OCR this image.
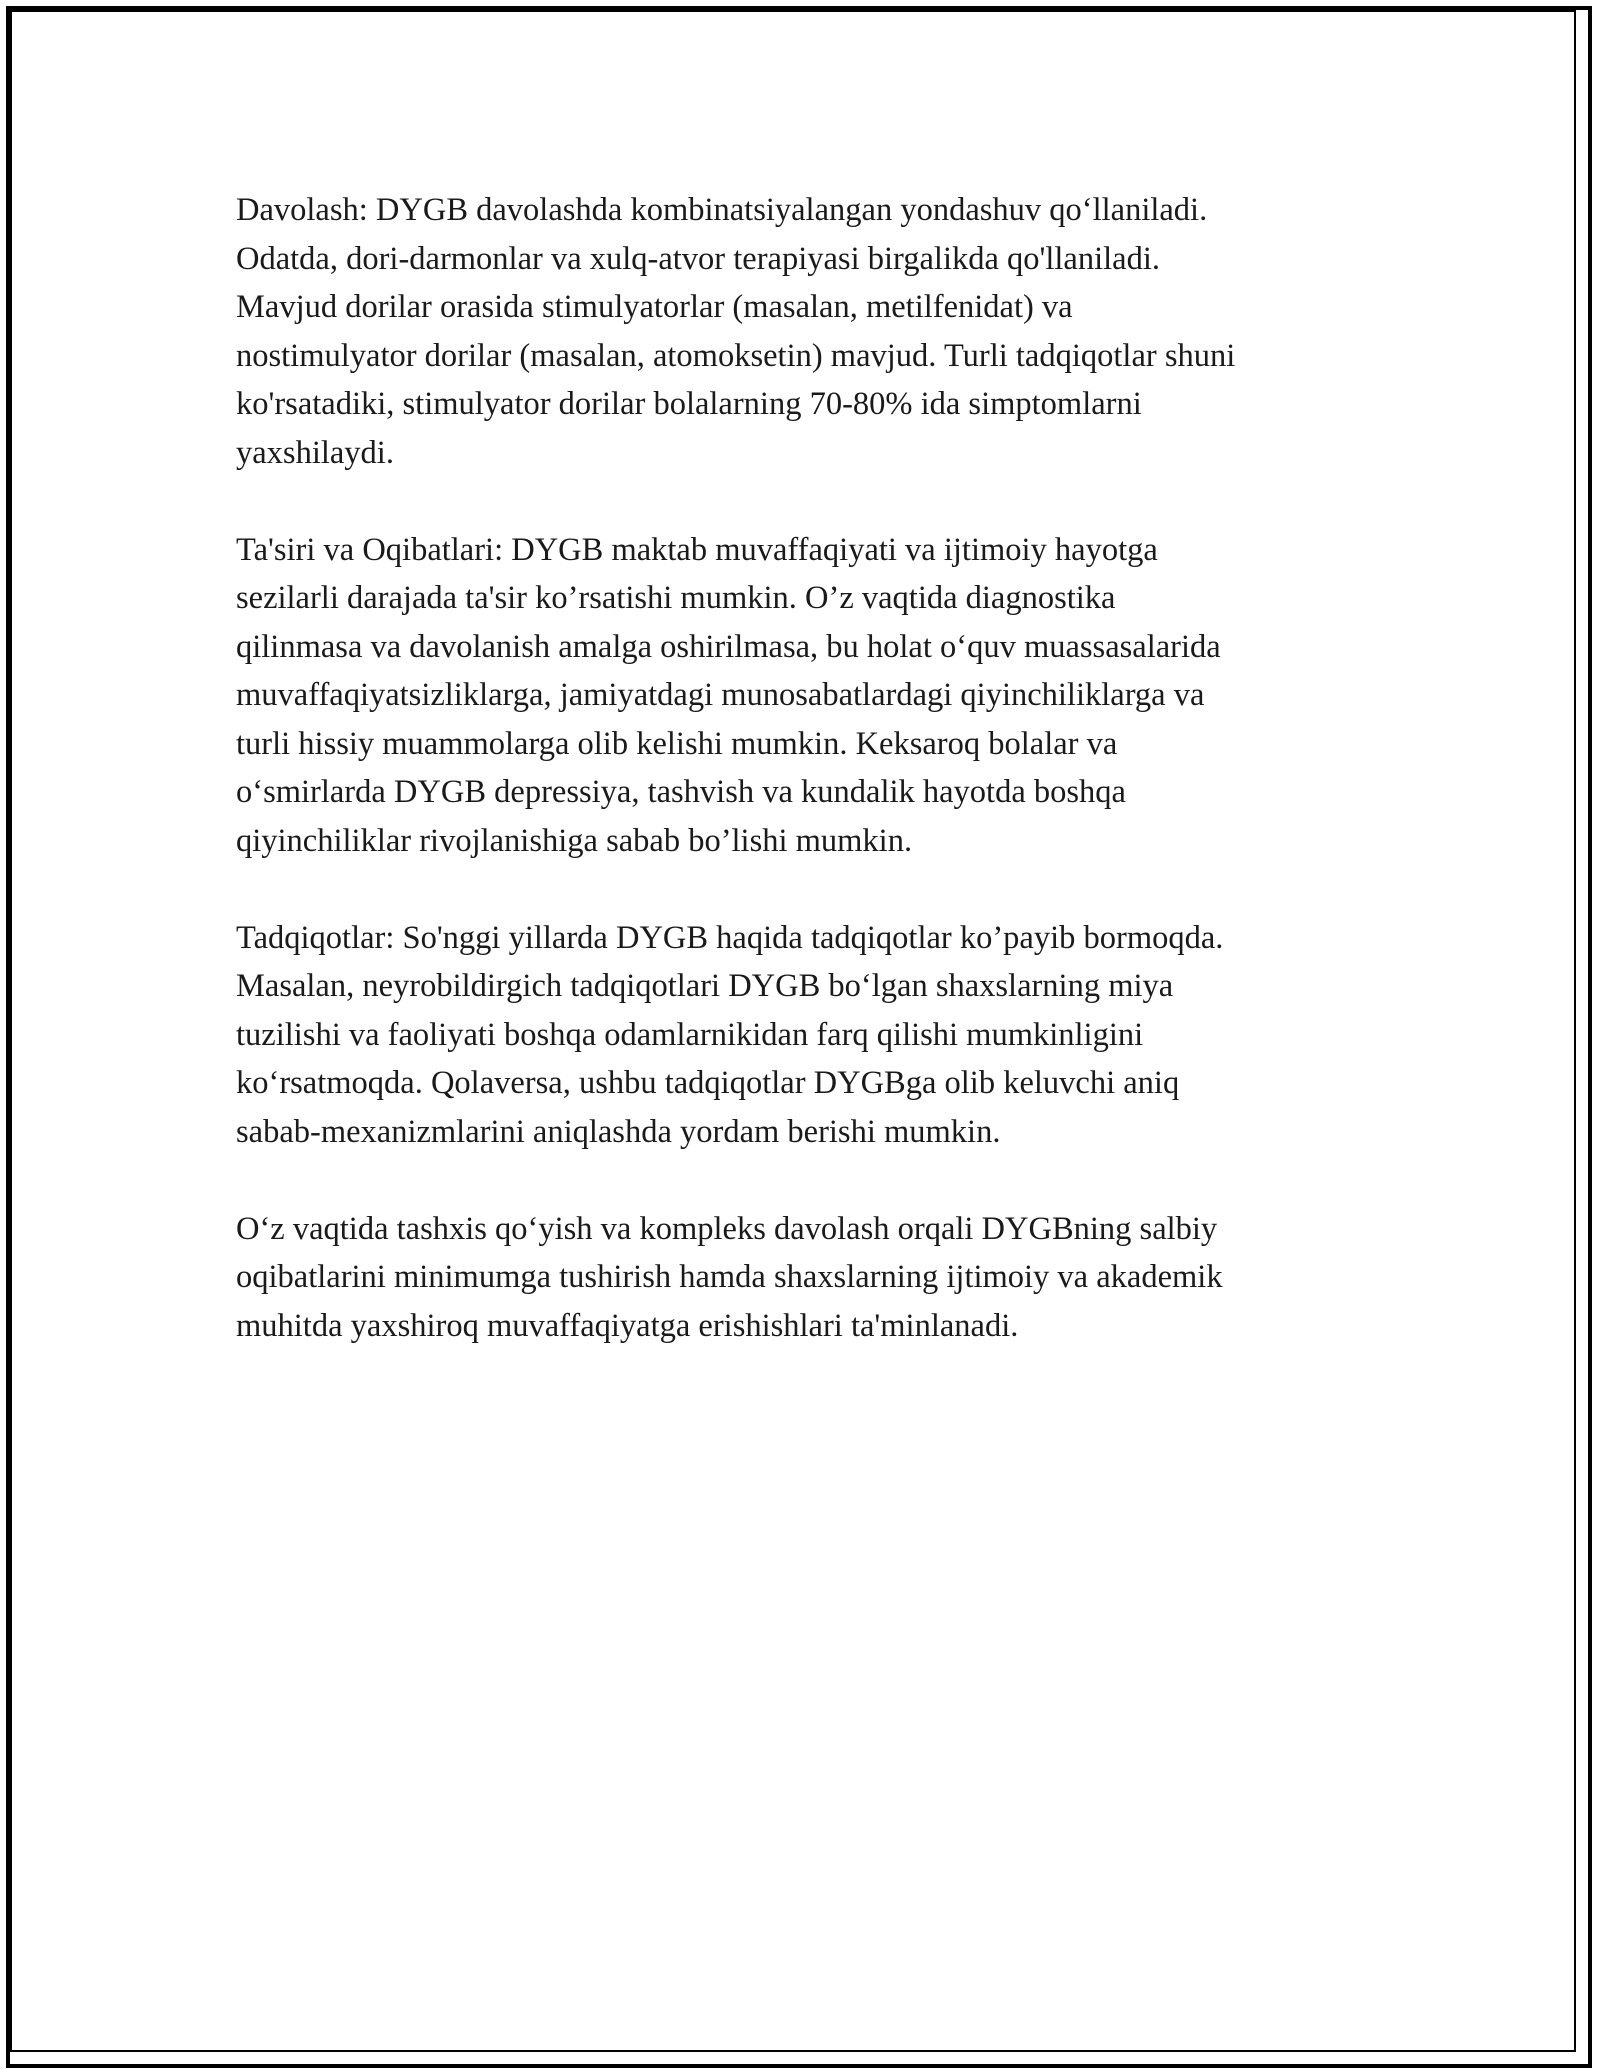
Davolash: DYGB davolashda kombinatsiyalangan yondashuv qo‘llaniladi.
Odatda, dori-darmonlar va xulq-atvor terapiyasi birgalikda qo'llaniladi.
Mavjud dorilar orasida stimulyatorlar (masalan, metilfenidat) va
nostimulyator dorilar (masalan, atomoksetin) mavjud. Turli tadqiqotlar shuni
ko'rsatadiki, stimulyator dorilar bolalarning 70-80% ida simptomlarni
yaxshilaydi.

Ta'siri va Oqibatlari: DYGB maktab muvaffaqiyati va ijtimoiy hayotga
sezilarli darajada ta'sir ko’rsatishi mumkin. O’z vaqtida diagnostika
qilinmasa va davolanish amalga oshirilmasa, bu holat o‘quv muassasalarida
muvaffaqiyatsizliklarga, jamiyatdagi munosabatlardagi qiyinchiliklarga va
turli hissiy muammolarga olib kelishi mumkin. Keksaroq bolalar va
o‘smirlarda DYGB depressiya, tashvish va kundalik hayotda boshqa
qiyinchiliklar rivojlanishiga sabab bo’lishi mumkin.

Tadqiqotlar: So'nggi yillarda DYGB haqida tadqiqotlar ko’payib bormoqda.
Masalan, neyrobildirgich tadqiqotlari DYGB bo‘lgan shaxslarning miya
tuzilishi va faoliyati boshqa odamlarnikidan farq qilishi mumkinligini
ko‘rsatmoqda. Qolaversa, ushbu tadqiqotlar DYGBga olib keluvchi aniq
sabab-mexanizmlarini aniqlashda yordam berishi mumkin.

O‘z vaqtida tashxis qo‘yish va kompleks davolash orqali DYGBning salbiy
oqibatlarini minimumga tushirish hamda shaxslarning ijtimoiy va akademik
muhitda yaxshiroq muvaffaqiyatga erishishlari ta'minlanadi.
